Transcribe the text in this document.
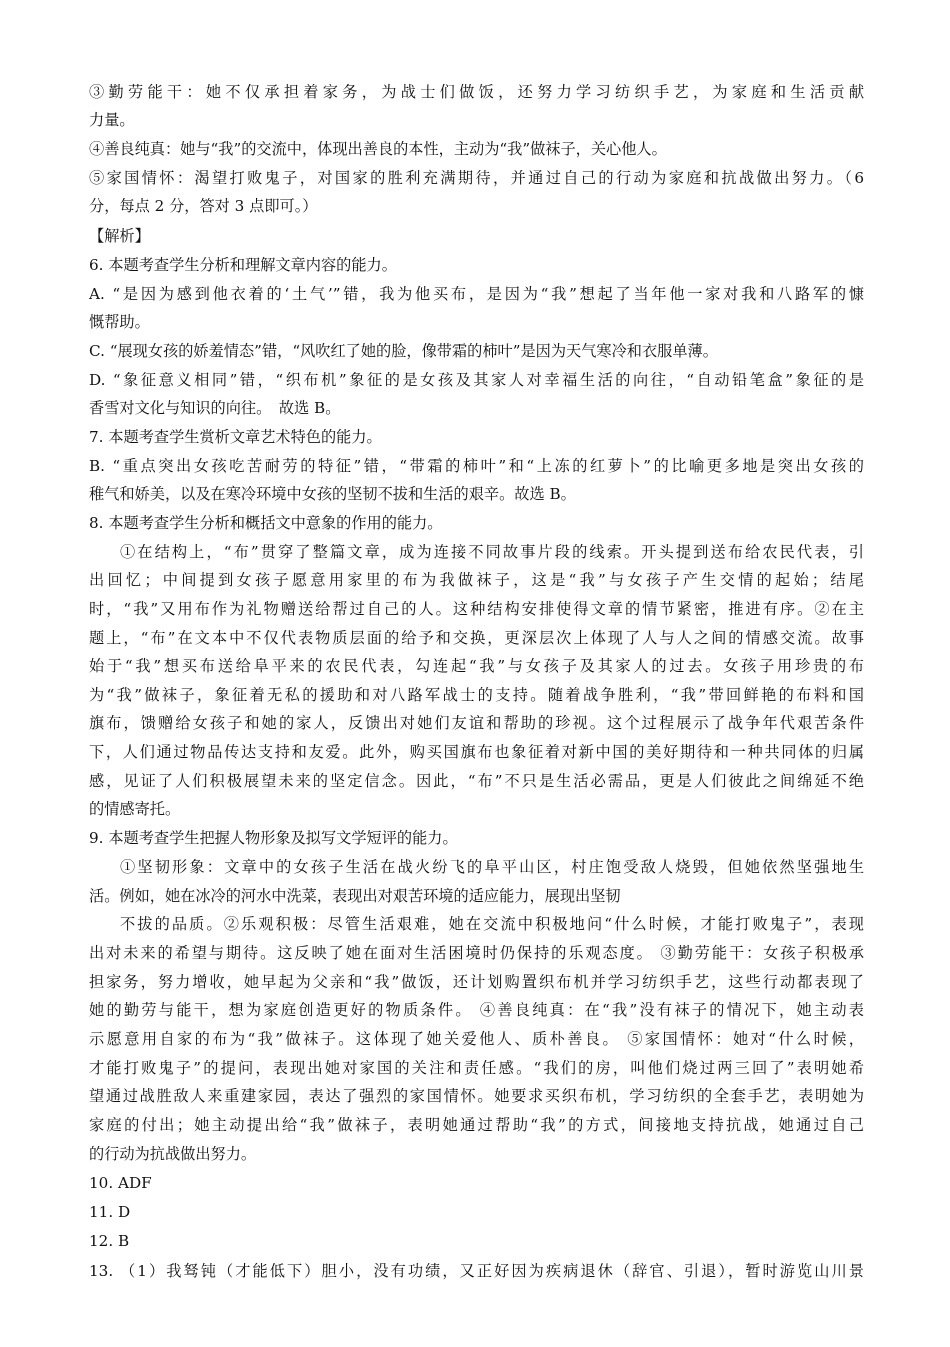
③勤劳能干：她不仅承担着家务，为战士们做饭，还努力学习纺织手艺，为家庭和生活贡献
力量。
④善良纯真：她与“我”的交流中，体现出善良的本性，主动为“我”做袜子，关心他人。
⑤家国情怀：渴望打败鬼子，对国家的胜利充满期待，并通过自己的行动为家庭和抗战做出努力。（6
分，每点 2 分，答对 3 点即可。）
【解析】
6. 本题考查学生分析和理解文章内容的能力。
A. “是因为感到他衣着的‘土气’”错，我为他买布，是因为“我”想起了当年他一家对我和八路军的慷
慨帮助。
C. “展现女孩的娇羞情态”错，“风吹红了她的脸，像带霜的柿叶”是因为天气寒冷和衣服单薄。
D. “象征意义相同”错，“织布机”象征的是女孩及其家人对幸福生活的向往，“自动铅笔盒”象征的是
香雪对文化与知识的向往。　故选 B。
7. 本题考查学生赏析文章艺术特色的能力。
B. “重点突出女孩吃苦耐劳的特征”错，“带霜的柿叶”和“上冻的红萝卜”的比喻更多地是突出女孩的
稚气和娇美，以及在寒冷环境中女孩的坚韧不拔和生活的艰辛。故选 B。
8. 本题考查学生分析和概括文中意象的作用的能力。
①在结构上，“布”贯穿了整篇文章，成为连接不同故事片段的线索。开头提到送布给农民代表，引
出回忆；中间提到女孩子愿意用家里的布为我做袜子，这是“我”与女孩子产生交情的起始；结尾
时，“我”又用布作为礼物赠送给帮过自己的人。这种结构安排使得文章的情节紧密，推进有序。②在主
题上，“布”在文本中不仅代表物质层面的给予和交换，更深层次上体现了人与人之间的情感交流。故事
始于“我”想买布送给阜平来的农民代表，勾连起“我”与女孩子及其家人的过去。女孩子用珍贵的布
为“我”做袜子，象征着无私的援助和对八路军战士的支持。随着战争胜利，“我”带回鲜艳的布料和国
旗布，馈赠给女孩子和她的家人，反馈出对她们友谊和帮助的珍视。这个过程展示了战争年代艰苦条件
下，人们通过物品传达支持和友爱。此外，购买国旗布也象征着对新中国的美好期待和一种共同体的归属
感，见证了人们积极展望未来的坚定信念。因此，“布”不只是生活必需品，更是人们彼此之间绵延不绝
的情感寄托。
9. 本题考查学生把握人物形象及拟写文学短评的能力。
①坚韧形象：文章中的女孩子生活在战火纷飞的阜平山区，村庄饱受敌人烧毁，但她依然坚强地生
活。例如，她在冰冷的河水中洗菜，表现出对艰苦环境的适应能力，展现出坚韧
不拔的品质。②乐观积极：尽管生活艰难，她在交流中积极地问“什么时候，才能打败鬼子”，表现
出对未来的希望与期待。这反映了她在面对生活困境时仍保持的乐观态度。 ③勤劳能干：女孩子积极承
担家务，努力增收，她早起为父亲和“我”做饭，还计划购置织布机并学习纺织手艺，这些行动都表现了
她的勤劳与能干，想为家庭创造更好的物质条件。 ④善良纯真：在“我”没有袜子的情况下，她主动表
示愿意用自家的布为“我”做袜子。这体现了她关爱他人、质朴善良。 ⑤家国情怀：她对“什么时候，
才能打败鬼子”的提问，表现出她对家国的关注和责任感。“我们的房，叫他们烧过两三回了”表明她希
望通过战胜敌人来重建家园，表达了强烈的家国情怀。她要求买织布机，学习纺织的全套手艺，表明她为
家庭的付出；她主动提出给“我”做袜子，表明她通过帮助“我”的方式，间接地支持抗战，她通过自己
的行动为抗战做出努力。
10. ADF
11. D
12. B
13. （1）我驽钝（才能低下）胆小，没有功绩，又正好因为疾病退休（辞官、引退），暂时游览山川景
